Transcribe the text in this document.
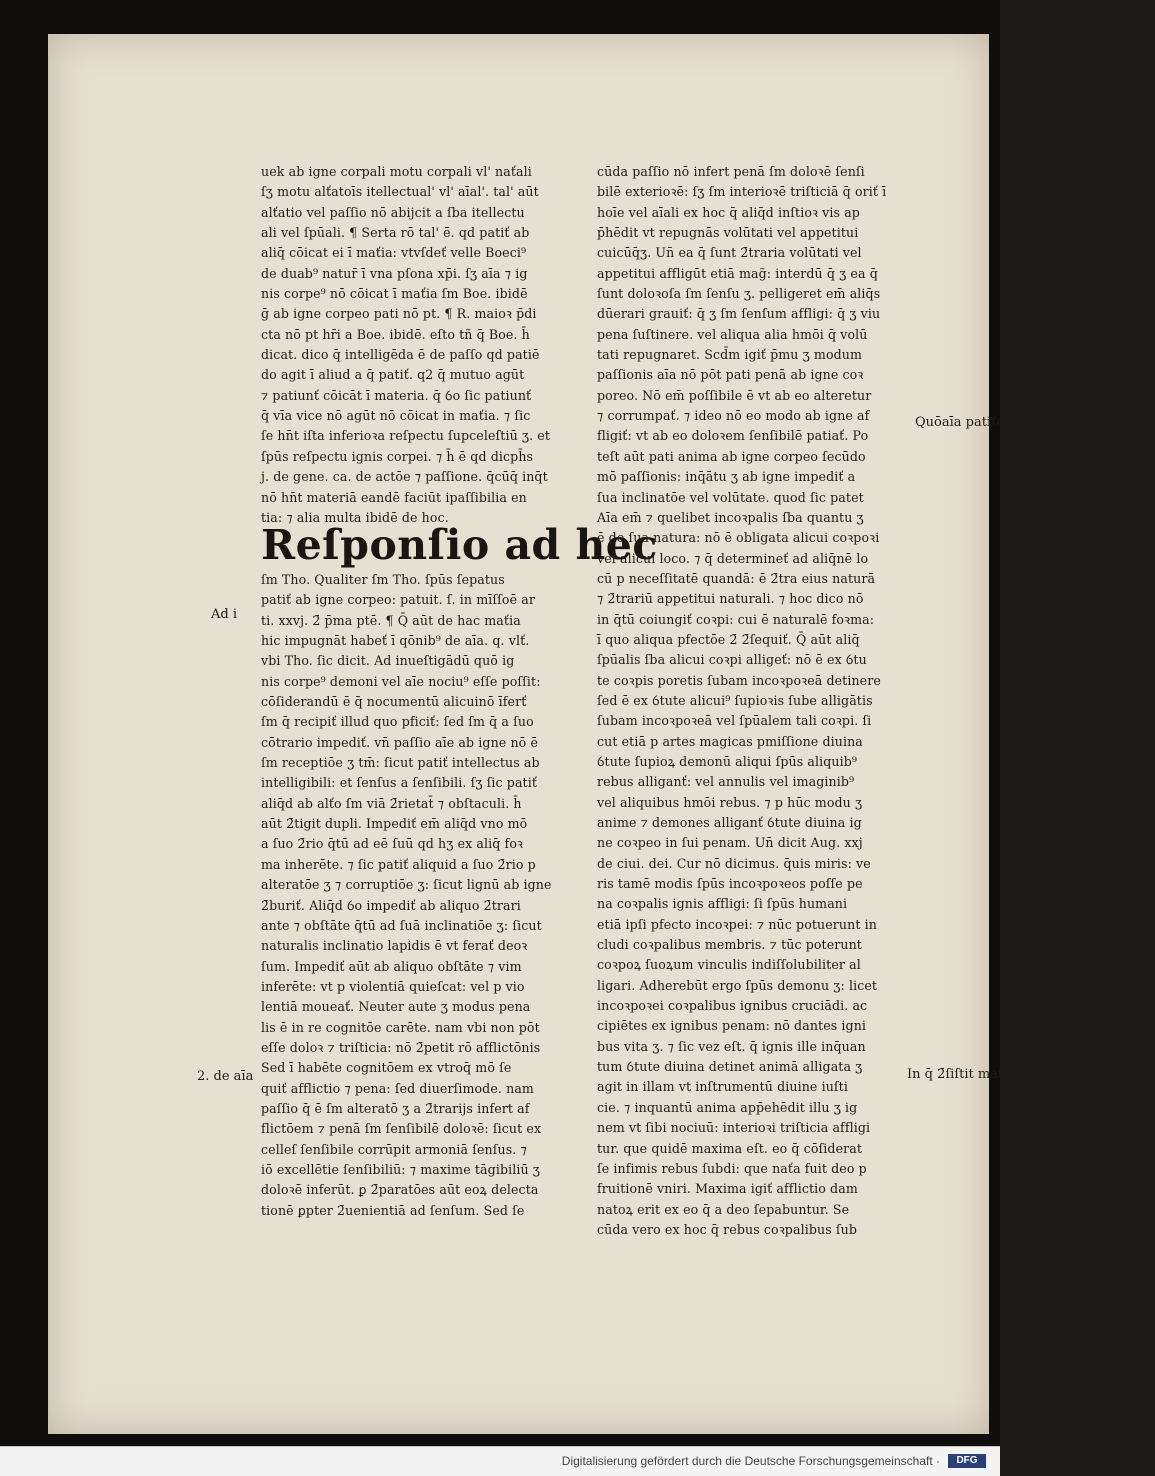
uek ab igne corpali motu corpali vl' naťali
ſʒ motu alťatoīs itellectual' vl' aīal'. tal' aūt
alťatio vel paſſio nō abijcit a ſba itellectu
ali vel ſpūali. ¶ Serta rō tal' ē. qd patiť ab
aliq̄ cōicat ei ī maťia: vtvſdeť velle Boeci⁹
de duab⁹ natur̄ ī vna pſona xp̄i. ſʒ aīa ⁊ ig
nis corpe⁹ nō cōicat ī maťia ſm Boe. ibidē
ḡ ab igne corpeo pati nō pt. ¶ R. maioꝛ p̄di
cta nō pt hr̄i a Boe. ibidē. eſto tñ q̄ Boe. h̄
dicat. dico q̄ intelligēda ē de paſſo qd patiē
do agit ī aliud a q̄ patiť. q2 q̄ mutuo agūt
⁊ patiunť cōicāt ī materia. q̄ ỽo ſic patiunť
q̄ vīa vice nō agūt nō cōicat in maťia. ⁊ ſic
ſe hn̄t iſta inferioꝛa reſpectu ſupceleſtiū ʒ. et
ſpūs reſpectu ignis corpei. ⁊ h̄ ē qd dicph̄s
j. de gene. ca. de actōe ⁊ paſſione. q̄cūq̄ inq̄t
nō hn̄t materiā eandē faciūt ipaſſibilia en
tia: ⁊ alia multa ibidē de hoc.
Reſponſio ad hec
ſm Tho. Qualiter ſm Tho. ſpūs ſepatus
patiť ab igne corpeo: patuit. ſ. in mīſſoē ar
ti. xxvj. 2̄ p̄ma ptē. ¶ Q̄ aūt de hac maťia
hic impugnāt habeť ī qōnib⁹ de aīa. q. vlť.
vbi Tho. ſic dicit. Ad inueſtigādū quō ig
nis corpe⁹ demoni vel aīe nociu⁹ eſſe poſſit:
cōſiderandū ē q̄ nocumentū alicuinō īferť
ſm q̄ recipiť illud quo pficiť: ſed ſm q̄ a ſuo
cōtrario impediť. vn̄ paſſio aīe ab igne nō ē
ſm receptiōe ʒ tm̄: ſicut patiť intellectus ab
intelligibili: et ſenſus a ſenſibili. ſʒ ſic patiť
aliq̄d ab alťo ſm viā 2̄rietat̄ ⁊ obſtaculi. h̄
aūt 2̄tigit dupli. Impediť em̄ aliq̄d vno mō
a ſuo 2̄rio q̄tū ad eē ſuū qd hʒ ex aliq̄ foꝛ
ma inherēte. ⁊ ſic patiť aliquid a ſuo 2̄rio p
alteratōe ʒ ⁊ corruptiōe ʒ: ſicut lignū ab igne
2̄buriť. Aliq̄d ỽo impediť ab aliquo 2̄trari
ante ⁊ obſtāte q̄tū ad ſuā inclinatiōe ʒ: ſicut
naturalis inclinatio lapidis ē vt ferať deoꝛ
ſum. Impediť aūt ab aliquo obſtāte ⁊ vim
inferēte: vt p violentiā quieſcat: vel p vio
lentiā moueať. Neuter aute ʒ modus pena
lis ē in re cognitōe carēte. nam vbi non pōt
eſſe doloꝛ ⁊ triſticia: nō 2̄petit rō afflictōnis
Sed ī habēte cognitōem ex vtroq̄ mō ſe
quiť afflictio ⁊ pena: ſed diuerſimode. nam
paſſio q̄ ē ſm alteratō ʒ a 2̄trarijs infert af
flictōem ⁊ penā ſm ſenſibilē doloꝛē: ſicut ex
celleſ ſenſibile corrūpit armoniā ſenſus. ⁊
iō excellētie ſenſibiliū: ⁊ maxime tāgibiliū ʒ
doloꝛē inferūt. ꝑ 2̄paratōes aūt eoꝝ delecta
tionē ꝑpter 2̄uenientiā ad ſenſum. Sed ſe
cūda paſſio nō infert penā ſm doloꝛē ſenſi
bilē exterioꝛē: ſʒ ſm interioꝛē triſticiā q̄ oriť ī
hoīe vel aīali ex hoc q̄ aliq̄d inſtioꝛ vis ap
p̄hēdit vt repugnās volūtati vel appetitui
cuicūq̄ʒ. Un̄ ea q̄ ſunt 2̄traria volūtati vel
appetitui affligūt etiā mag̃: interdū q̄ ʒ ea q̄
ſunt doloꝛoſa ſm ſenſu ʒ. pelligeret em̄ aliq̄s
dūerari grauiť: q̄ ʒ ſm ſenſum affligi: q̄ ʒ viu
pena ſuſtinere. vel aliqua alia hmōi q̄ volū
tati repugnaret. Scd̄m igiť p̄mu ʒ modum
paſſionis aīa nō pōt pati penā ab igne coꝛ
poreo. Nō em̄ poſſibile ē vt ab eo alteretur
⁊ corrumpať. ⁊ ideo nō eo modo ab igne af
fligiť: vt ab eo doloꝛem ſenſibilē patiať. Po
teſt aūt pati anima ab igne corpeo ſecūdo
mō paſſionis: inq̄ātu ʒ ab igne impediť a
ſua inclinatōe vel volūtate. quod ſic patet
Aīa em̄ ⁊ quelibet incoꝛpalis ſba quantu ʒ
ē de ſua natura: nō ē obligata alicui coꝛpoꝛi
vel alicui loco. ⁊ q̄ determineť ad aliq̄nē lo
cū p neceſſitatē quandā: ē 2̄tra eius naturā
⁊ 2̄trariū appetitui naturali. ⁊ hoc dico nō
in q̄tū coiungiť coꝛpi: cui ē naturalē foꝛma:
ī quo aliqua pfectōe 2̄ 2̄ſequiť. Q̄ aūt aliq̄
ſpūalis ſba alicui coꝛpi alligeť: nō ē ex ỽtu
te coꝛpis poretis ſubam incoꝛpoꝛeā detinere
ſed ē ex ỽtute alicui⁹ ſupioꝛis ſube alligātis
ſubam incoꝛpoꝛeā vel ſpūalem tali coꝛpi. ſi
cut etiā p artes magicas pmiſſione diuina
ỽtute ſupioꝝ demonū aliqui ſpūs aliquib⁹
rebus alliganť: vel annulis vel imaginib⁹
vel aliquibus hmōi rebus. ⁊ p hūc modu ʒ
anime ⁊ demones alliganť ỽtute diuina ig
ne coꝛpeo in ſui penam. Un̄ dicit Aug. xxj
de ciui. dei. Cur nō dicimus. q̄uis miris: ve
ris tamē modis ſpūs incoꝛpoꝛeos poſſe pe
na coꝛpalis ignis affligi: ſi ſpūs humani
etiā ipſi pfecto incoꝛpei: ⁊ nūc potuerunt in
cludi coꝛpalibus membris. ⁊ tūc poterunt
coꝛpoꝝ ſuoꝝum vinculis indiſſolubiliter al
ligari. Adherebūt ergo ſpūs demonu ʒ: licet
incoꝛpoꝛei coꝛpalibus ignibus cruciādi. ac
cipiētes ex ignibus penam: nō dantes igni
bus vita ʒ. ⁊ ſic vez eſt. q̄ ignis ille inq̄uan
tum ỽtute diuina detinet animā alligata ʒ
agit in illam vt inſtrumentū diuine iuſti
cie. ⁊ inquantū anima app̄ehēdit illu ʒ ig
nem vt ſibi nociuū: interioꝛi triſticia affligi
tur. que quidē maxima eſt. eo q̄ cōſiderat
ſe infimis rebus ſubdi: que naťa fuit deo p
fruitionē vniri. Maxima igiť afflictio dam
natoꝝ erit ex eo q̄ a deo ſepabuntur. Se
cūda vero ex hoc q̄ rebus coꝛpalibus ſub
Ad i
2. de aīa
Quōaīa patiťab igne.
In q̄ 2̄ſiſtit maťima afflictio damnatoꝝ.
Digitalisierung gefördert durch die Deutsche Forschungsgemeinschaft ·	DFG
